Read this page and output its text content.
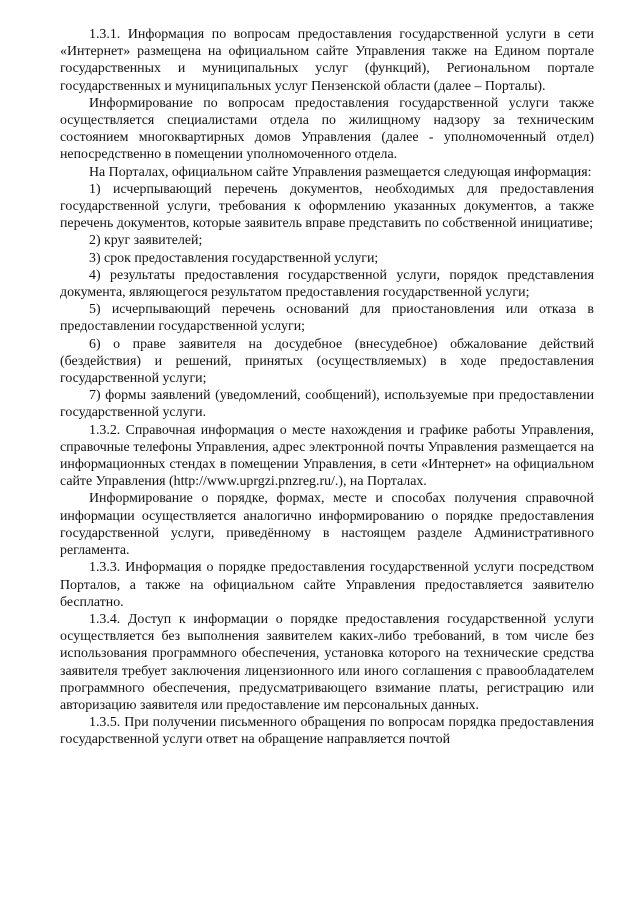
1.3.1. Информация по вопросам предоставления государственной услуги в сети «Интернет» размещена на официальном сайте Управления также на Едином портале государственных и муниципальных услуг (функций), Региональном портале государственных и муниципальных услуг Пензенской области (далее – Порталы).

Информирование по вопросам предоставления государственной услуги также осуществляется специалистами отдела по жилищному надзору за техническим состоянием многоквартирных домов Управления (далее - уполномоченный отдел) непосредственно в помещении уполномоченного отдела.

На Порталах, официальном сайте Управления размещается следующая информация:

1) исчерпывающий перечень документов, необходимых для предоставления государственной услуги, требования к оформлению указанных документов, а также перечень документов, которые заявитель вправе представить по собственной инициативе;

2) круг заявителей;

3) срок предоставления государственной услуги;

4) результаты предоставления государственной услуги, порядок представления документа, являющегося результатом предоставления государственной услуги;

5) исчерпывающий перечень оснований для приостановления или отказа в предоставлении государственной услуги;

6) о праве заявителя на досудебное (внесудебное) обжалование действий (бездействия) и решений, принятых (осуществляемых) в ходе предоставления государственной услуги;

7) формы заявлений (уведомлений, сообщений), используемые при предоставлении государственной услуги.

1.3.2. Справочная информация о месте нахождения и графике работы Управления, справочные телефоны Управления, адрес электронной почты Управления размещается на информационных стендах в помещении Управления, в сети «Интернет» на официальном сайте Управления (http://www.uprgzi.pnzreg.ru/.), на Порталах.

Информирование о порядке, формах, месте и способах получения справочной информации осуществляется аналогично информированию о порядке предоставления государственной услуги, приведённому в настоящем разделе Административного регламента.

1.3.3. Информация о порядке предоставления государственной услуги посредством Порталов, а также на официальном сайте Управления предоставляется заявителю бесплатно.

1.3.4. Доступ к информации о порядке предоставления государственной услуги осуществляется без выполнения заявителем каких-либо требований, в том числе без использования программного обеспечения, установка которого на технические средства заявителя требует заключения лицензионного или иного соглашения с правообладателем программного обеспечения, предусматривающего взимание платы, регистрацию или авторизацию заявителя или предоставление им персональных данных.

1.3.5. При получении письменного обращения по вопросам порядка предоставления государственной услуги ответ на обращение направляется почтой
